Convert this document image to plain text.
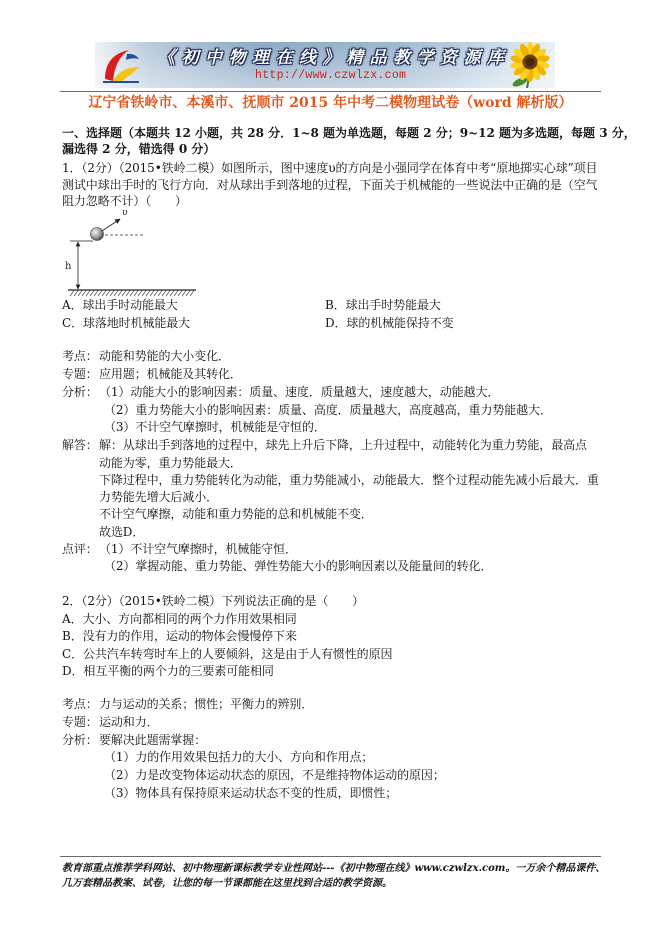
《初中物理在线》精品教学资源库
http://www.czwlzx.com
辽宁省铁岭市、本溪市、抚顺市 2015 年中考二模物理试卷（word 解析版）
一、选择题（本题共 12 小题，共 28 分．1~8 题为单选题，每题 2 分；9~12 题为多选题，每题 3 分，
漏选得 2 分，错选得 0 分）
1．（2分）（2015•铁岭二模）如图所示，图中速度υ的方向是小强同学在体育中考“原地掷实心球”项目
测试中球出手时的飞行方向．对从球出手到落地的过程，下面关于机械能的一些说法中正确的是（空气
阻力忽略不计）（　　）
υ
h
A．球出手时动能最大	B．球出手时势能最大
C．球落地时机械能最大	D．球的机械能保持不变
考点： 动能和势能的大小变化．
专题： 应用题；机械能及其转化．
分析： （1）动能大小的影响因素：质量、速度．质量越大，速度越大，动能越大．
（2）重力势能大小的影响因素：质量、高度．质量越大，高度越高，重力势能越大．
（3）不计空气摩擦时，机械能是守恒的．
解答： 解：从球出手到落地的过程中，球先上升后下降，上升过程中，动能转化为重力势能，最高点
动能为零，重力势能最大．
下降过程中，重力势能转化为动能，重力势能减小，动能最大．整个过程动能先减小后最大．重
力势能先增大后减小．
不计空气摩擦，动能和重力势能的总和机械能不变．
故选D．
点评： （1）不计空气摩擦时，机械能守恒．
（2）掌握动能、重力势能、弹性势能大小的影响因素以及能量间的转化．
2．（2分）（2015•铁岭二模）下列说法正确的是（　　）
A．大小、方向都相同的两个力作用效果相同
B．没有力的作用，运动的物体会慢慢停下来
C．公共汽车转弯时车上的人要倾斜，这是由于人有惯性的原因
D．相互平衡的两个力的三要素可能相同
考点： 力与运动的关系；惯性；平衡力的辨别．
专题： 运动和力．
分析： 要解决此题需掌握：
（1）力的作用效果包括力的大小、方向和作用点；
（2）力是改变物体运动状态的原因，不是维持物体运动的原因；
（3）物体具有保持原来运动状态不变的性质，即惯性；
教育部重点推荐学科网站、初中物理新课标教学专业性网站---《初中物理在线》www.czwlzx.com。一万余个精品课件、
几万套精品教案、试卷，让您的每一节课都能在这里找到合适的教学资源。
